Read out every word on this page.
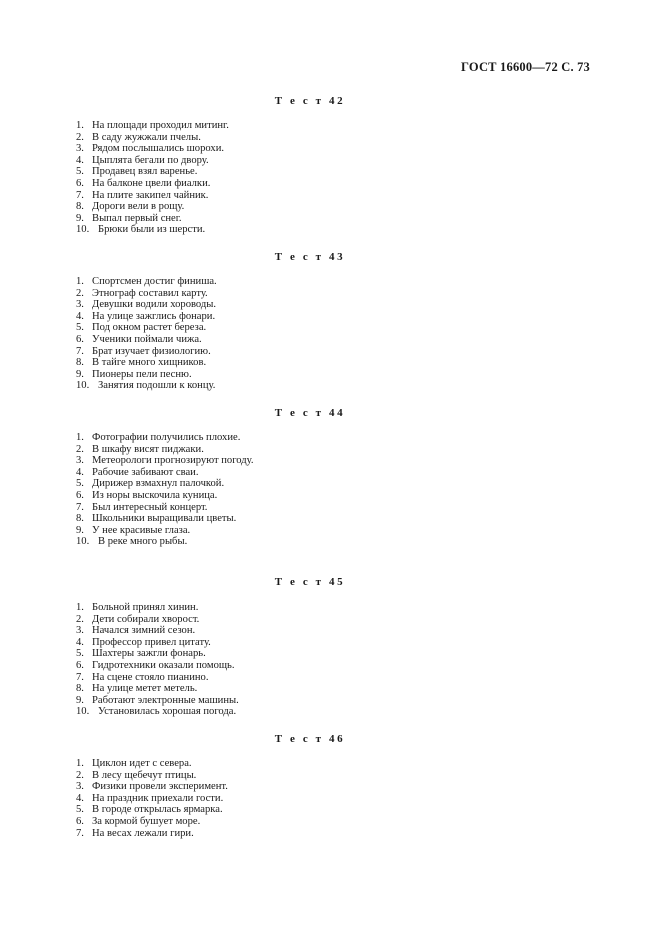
ГОСТ 16600—72 С. 73
Т е с т 42
1. На площади проходил митинг.
2. В саду жужжали пчелы.
3. Рядом послышались шорохи.
4. Цыплята бегали по двору.
5. Продавец взял варенье.
6. На балконе цвели фиалки.
7. На плите закипел чайник.
8. Дороги вели в рощу.
9. Выпал первый снег.
10. Брюки были из шерсти.
Т е с т 43
1. Спортсмен достиг финиша.
2. Этнограф составил карту.
3. Девушки водили хороводы.
4. На улице зажглись фонари.
5. Под окном растет береза.
6. Ученики поймали чижа.
7. Брат изучает физиологию.
8. В тайге много хищников.
9. Пионеры пели песню.
10. Занятия подошли к концу.
Т е с т 44
1. Фотографии получились плохие.
2. В шкафу висят пиджаки.
3. Метеорологи прогнозируют погоду.
4. Рабочие забивают сваи.
5. Дирижер взмахнул палочкой.
6. Из норы выскочила куница.
7. Был интересный концерт.
8. Школьники выращивали цветы.
9. У нее красивые глаза.
10. В реке много рыбы.
Т е с т 45
1. Больной принял хинин.
2. Дети собирали хворост.
3. Начался зимний сезон.
4. Профессор привел цитату.
5. Шахтеры зажгли фонарь.
6. Гидротехники оказали помощь.
7. На сцене стояло пианино.
8. На улице метет метель.
9. Работают электронные машины.
10. Установилась хорошая погода.
Т е с т 46
1. Циклон идет с севера.
2. В лесу щебечут птицы.
3. Физики провели эксперимент.
4. На праздник приехали гости.
5. В городе открылась ярмарка.
6. За кормой бушует море.
7. На весах лежали гири.
